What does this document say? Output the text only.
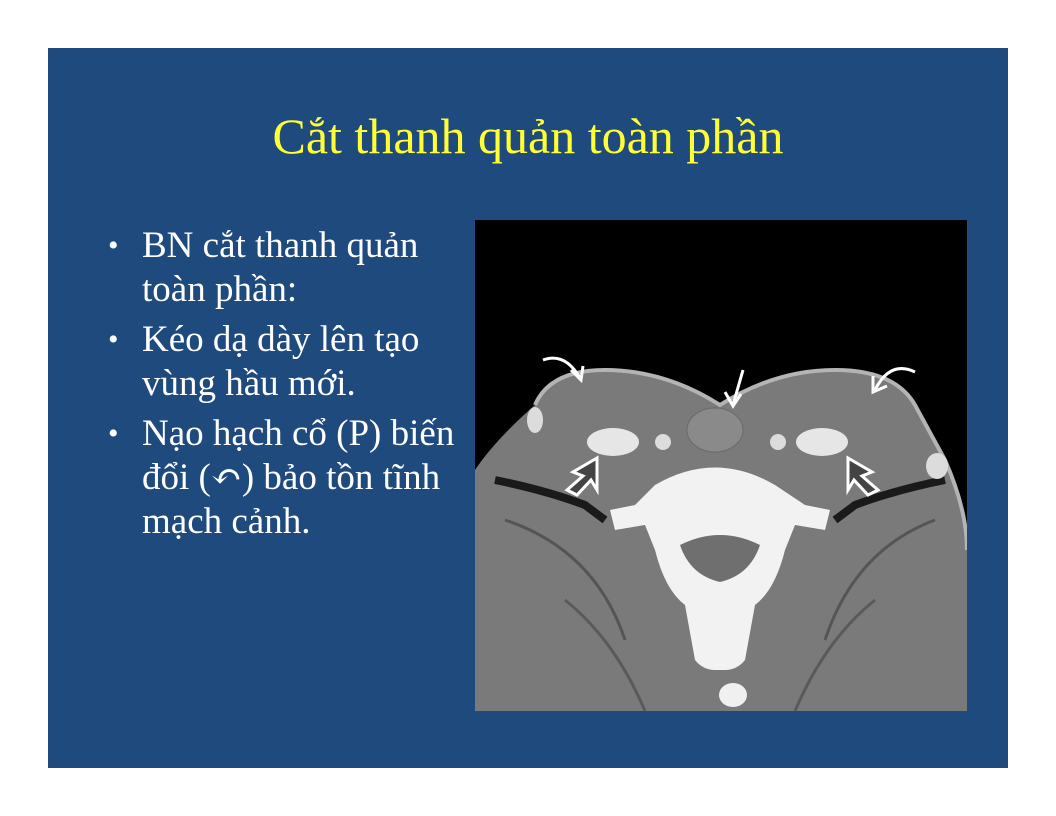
Cắt thanh quản toàn phần
• BN cắt thanh quản toàn phần:
• Kéo dạ dày lên tạo vùng hầu mới.
• Nạo hạch cổ (P) biến đổi (↶) bảo tồn tĩnh mạch cảnh.
